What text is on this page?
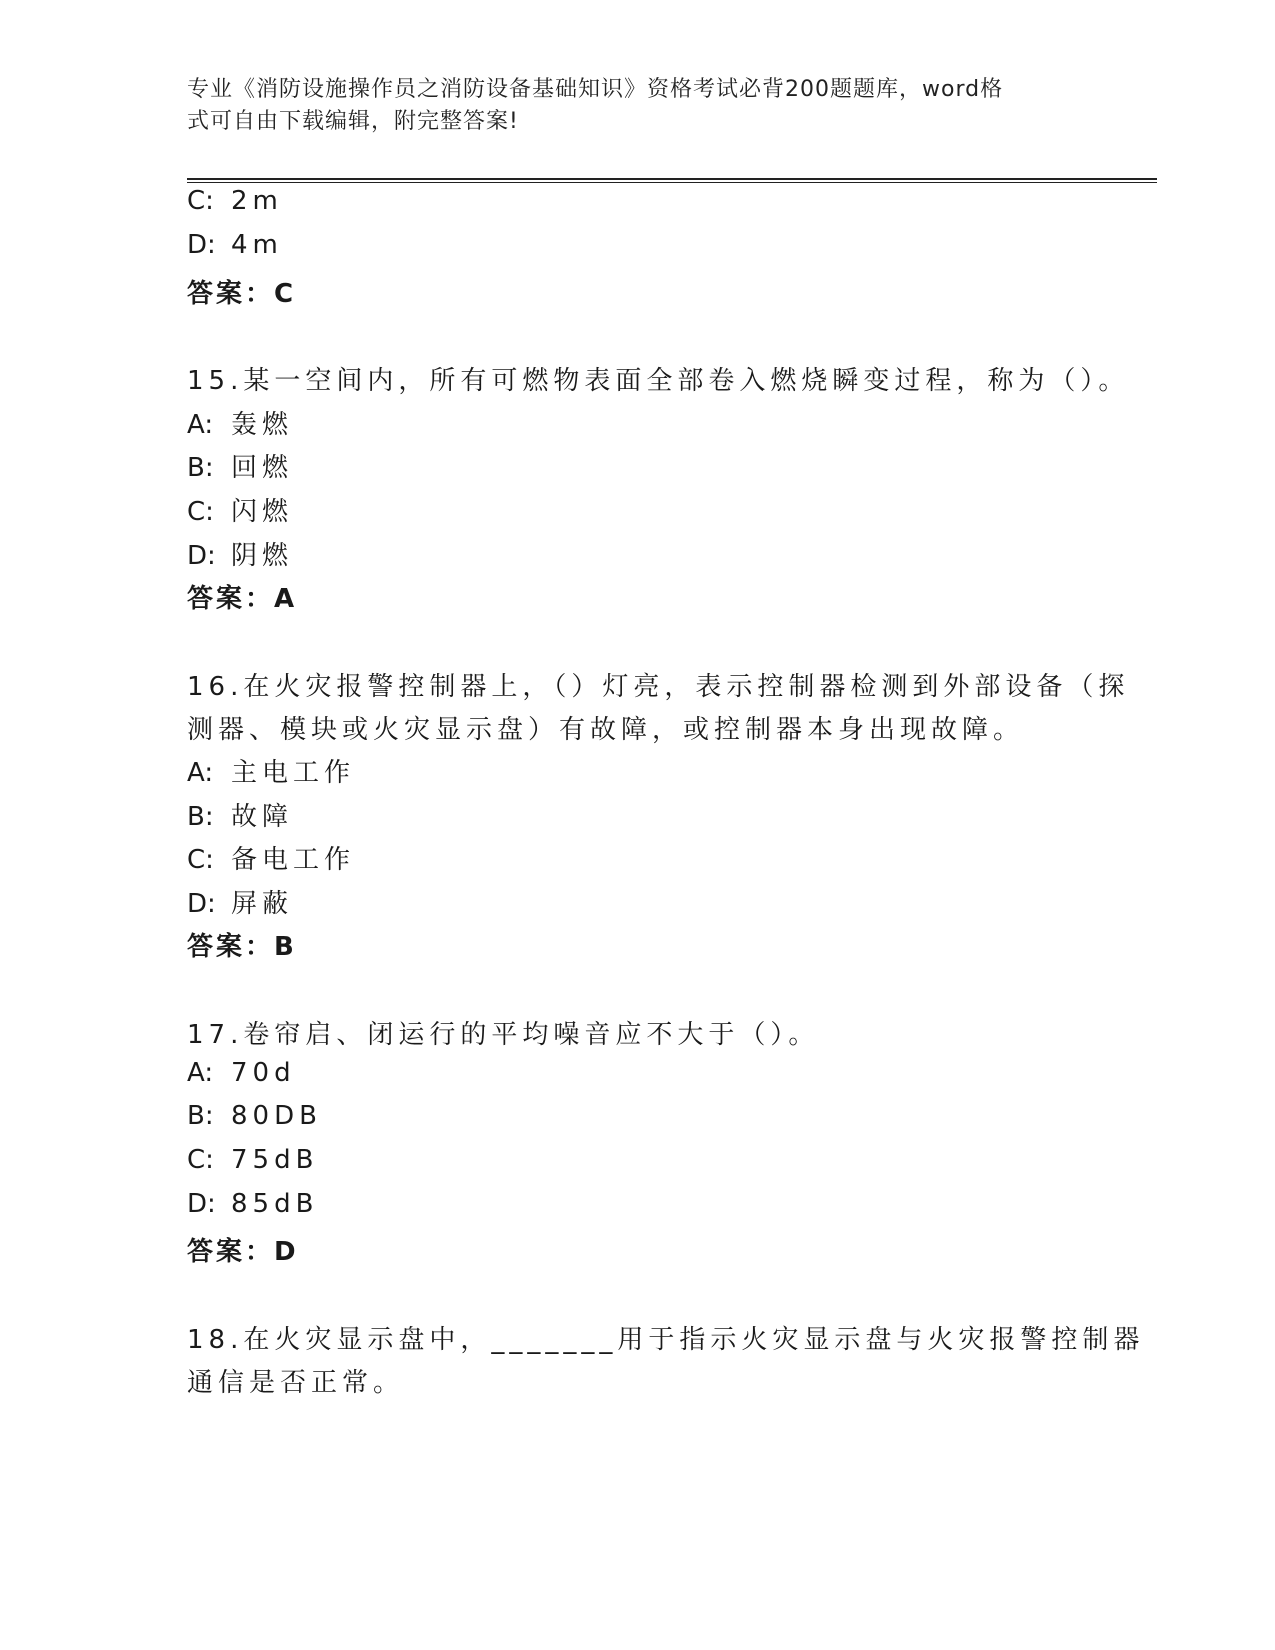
专业《消防设施操作员之消防设备基础知识》资格考试必背200题题库，word格
式可自由下载编辑，附完整答案!
C: 2m
D: 4m
答案：C
15.某一空间内，所有可燃物表面全部卷入燃烧瞬变过程，称为（）。
A: 轰燃
B: 回燃
C: 闪燃
D: 阴燃
答案：A
16.在火灾报警控制器上，（）灯亮，表示控制器检测到外部设备（探
测器、模块或火灾显示盘）有故障，或控制器本身出现故障。
A: 主电工作
B: 故障
C: 备电工作
D: 屏蔽
答案：B
17.卷帘启、闭运行的平均噪音应不大于（）。
A: 70d
B: 80DB
C: 75dB
D: 85dB
答案：D
18.在火灾显示盘中，_______用于指示火灾显示盘与火灾报警控制器
通信是否正常。
